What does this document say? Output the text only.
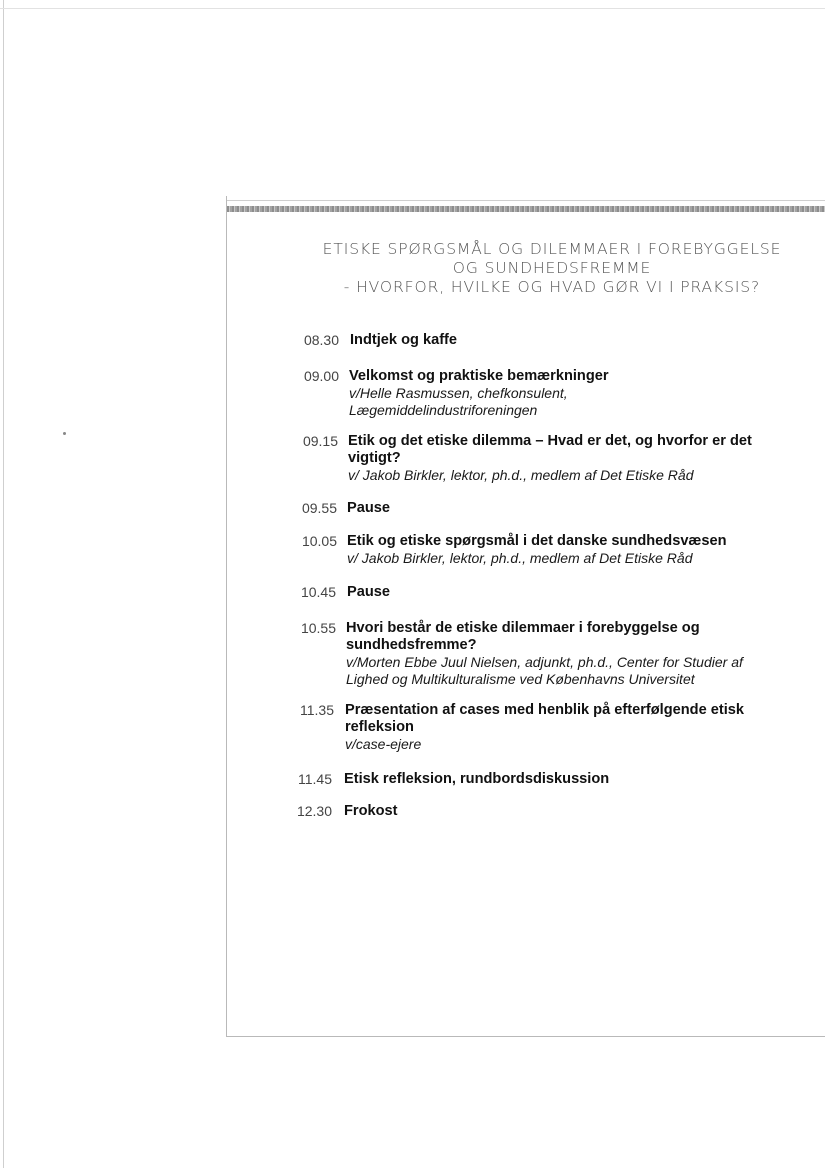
ETISKE SPØRGSMÅL OG DILEMMAER I FOREBYGGELSE
OG SUNDHEDSFREMME
- HVORFOR, HVILKE OG HVAD GØR VI I PRAKSIS?
08.30 Indtjek og kaffe
09.00 Velkomst og praktiske bemærkninger
v/Helle Rasmussen, chefkonsulent, Lægemiddelindustriforeningen
09.15 Etik og det etiske dilemma – Hvad er det, og hvorfor er det vigtigt?
v/ Jakob Birkler, lektor, ph.d., medlem af Det Etiske Råd
09.55 Pause
10.05 Etik og etiske spørgsmål i det danske sundhedsvæsen
v/ Jakob Birkler, lektor, ph.d., medlem af Det Etiske Råd
10.45 Pause
10.55 Hvori består de etiske dilemmaer i forebyggelse og sundhedsfremme?
v/Morten Ebbe Juul Nielsen, adjunkt, ph.d., Center for Studier af Lighed og Multikulturalisme ved Københavns Universitet
11.35 Præsentation af cases med henblik på efterfølgende etisk refleksion
v/case-ejere
11.45 Etisk refleksion, rundbordsdiskussion
12.30 Frokost
